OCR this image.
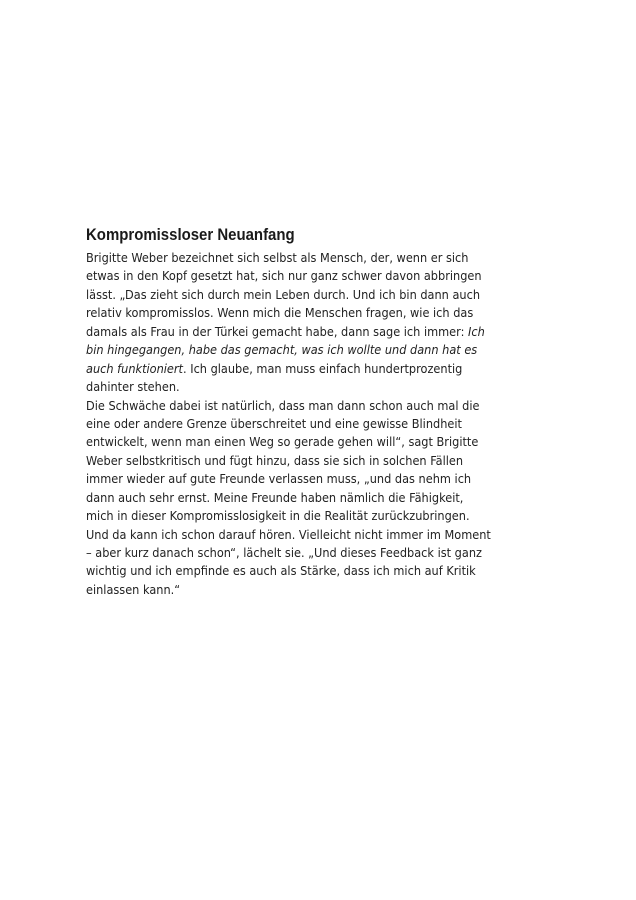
Kompromissloser Neuanfang
Brigitte Weber bezeichnet sich selbst als Mensch, der, wenn er sich
etwas in den Kopf gesetzt hat, sich nur ganz schwer davon abbringen
lässt. „Das zieht sich durch mein Leben durch. Und ich bin dann auch
relativ kompromisslos. Wenn mich die Menschen fragen, wie ich das
damals als Frau in der Türkei gemacht habe, dann sage ich immer: Ich
bin hingegangen, habe das gemacht, was ich wollte und dann hat es
auch funktioniert. Ich glaube, man muss einfach hundertprozentig
dahinter stehen.
Die Schwäche dabei ist natürlich, dass man dann schon auch mal die
eine oder andere Grenze überschreitet und eine gewisse Blindheit
entwickelt, wenn man einen Weg so gerade gehen will“, sagt Brigitte
Weber selbstkritisch und fügt hinzu, dass sie sich in solchen Fällen
immer wieder auf gute Freunde verlassen muss, „und das nehm ich
dann auch sehr ernst. Meine Freunde haben nämlich die Fähigkeit,
mich in dieser Kompromisslosigkeit in die Realität zurückzubringen.
Und da kann ich schon darauf hören. Vielleicht nicht immer im Moment
– aber kurz danach schon“, lächelt sie. „Und dieses Feedback ist ganz
wichtig und ich empfinde es auch als Stärke, dass ich mich auf Kritik
einlassen kann.“
